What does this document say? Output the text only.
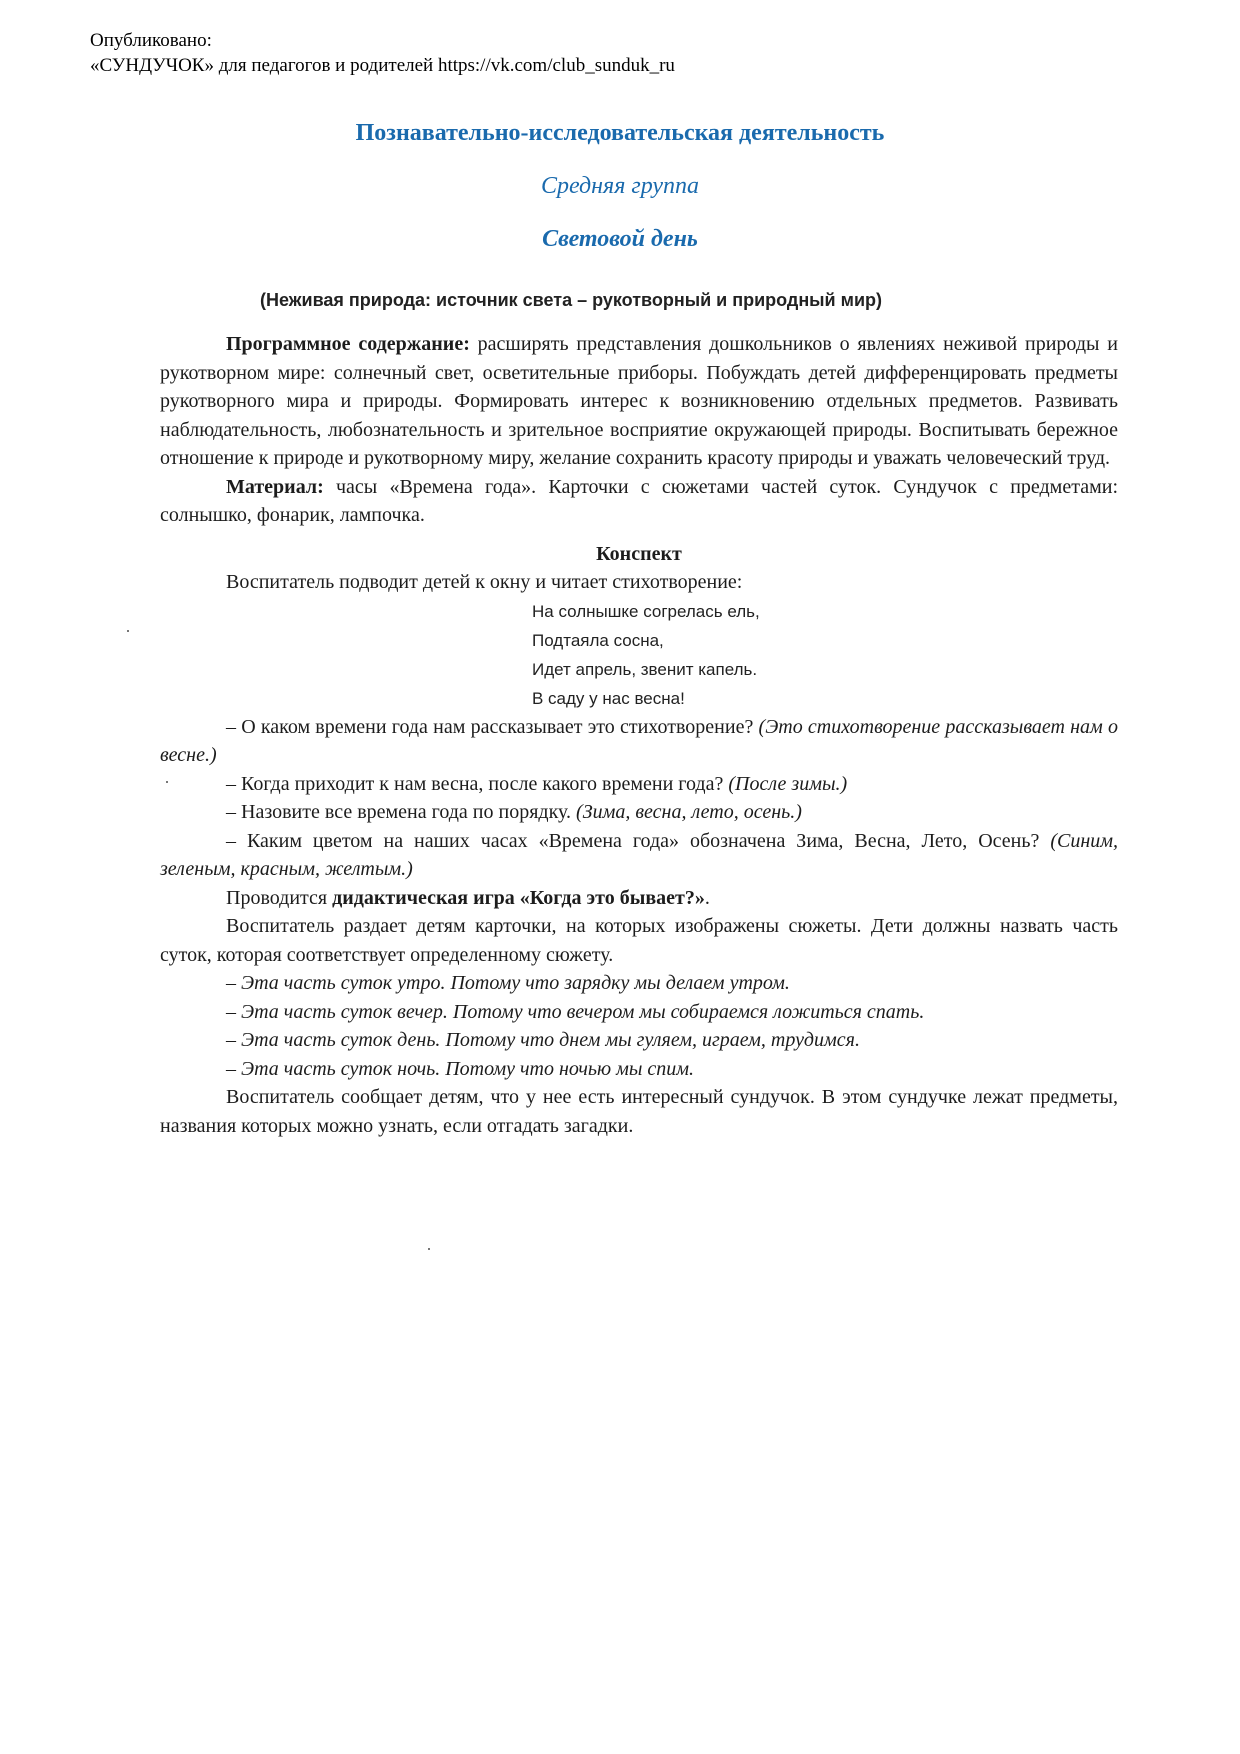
Опубликовано:
«СУНДУЧОК» для педагогов и родителей https://vk.com/club_sunduk_ru
Познавательно-исследовательская деятельность
Средняя группа
Световой день
(Неживая природа: источник света – рукотворный и природный мир)

Программное содержание: расширять представления дошкольников о явлениях неживой природы и рукотворном мире: солнечный свет, осветительные приборы. Побуждать детей дифференцировать предметы рукотворного мира и природы. Формировать интерес к возникновению отдельных предметов. Развивать наблюдательность, любознательность и зрительное восприятие окружающей природы. Воспитывать бережное отношение к природе и рукотворному миру, желание сохранить красоту природы и уважать человеческий труд.

Материал: часы «Времена года». Карточки с сюжетами частей суток. Сундучок с предметами: солнышко, фонарик, лампочка.

Конспект

Воспитатель подводит детей к окну и читает стихотворение:

На солнышке согрелась ель,
Подтаяла сосна,
Идет апрель, звенит капель.
В саду у нас весна!

– О каком времени года нам рассказывает это стихотворение? (Это стихотворение рассказывает нам о весне.)

– Когда приходит к нам весна, после какого времени года? (После зимы.)

– Назовите все времена года по порядку. (Зима, весна, лето, осень.)

– Каким цветом на наших часах «Времена года» обозначена Зима, Весна, Лето, Осень? (Синим, зеленым, красным, желтым.)

Проводится дидактическая игра «Когда это бывает?».

Воспитатель раздает детям карточки, на которых изображены сюжеты. Дети должны назвать часть суток, которая соответствует определенному сюжету.

– Эта часть суток утро. Потому что зарядку мы делаем утром.

– Эта часть суток вечер. Потому что вечером мы собираемся ложиться спать.

– Эта часть суток день. Потому что днем мы гуляем, играем, трудимся.

– Эта часть суток ночь. Потому что ночью мы спим.

Воспитатель сообщает детям, что у нее есть интересный сундучок. В этом сундучке лежат предметы, названия которых можно узнать, если отгадать загадки.
